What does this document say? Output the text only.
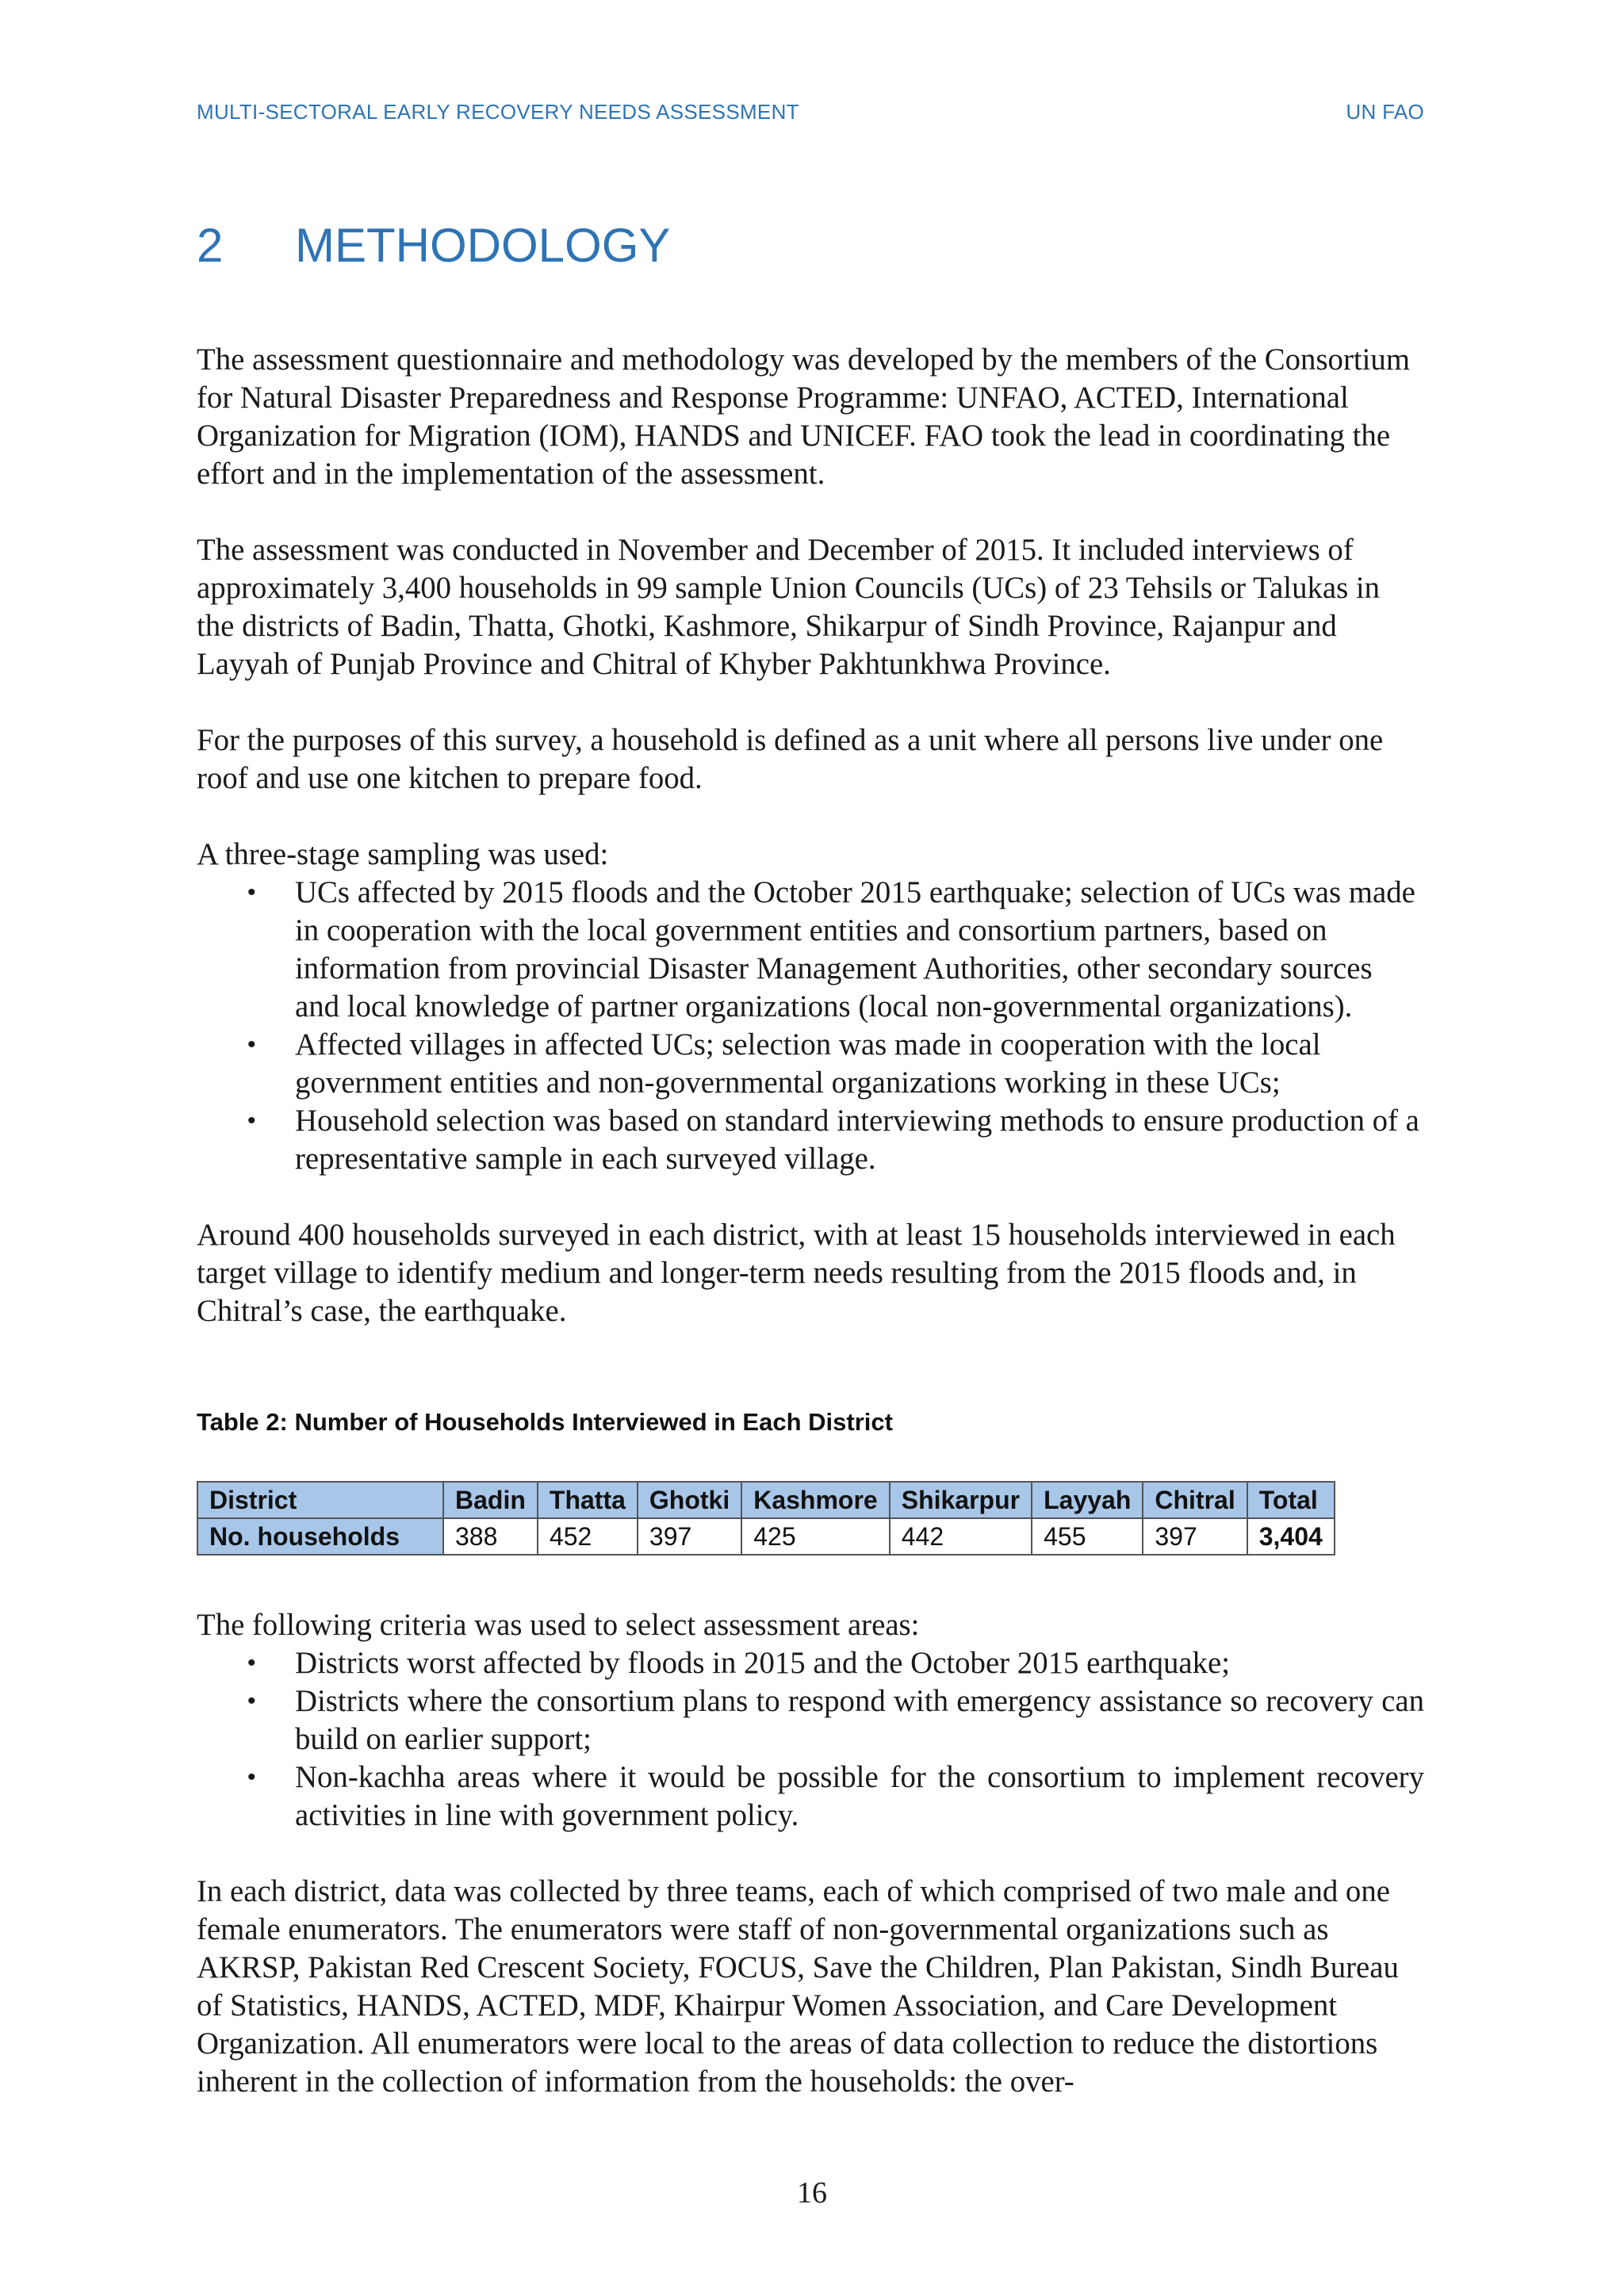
MULTI-SECTORAL EARLY RECOVERY NEEDS ASSESSMENT	UN FAO
2 METHODOLOGY

The assessment questionnaire and methodology was developed by the members of the Consortium for Natural Disaster Preparedness and Response Programme: UNFAO, ACTED, International Organization for Migration (IOM), HANDS and UNICEF. FAO took the lead in coordinating the effort and in the implementation of the assessment.

The assessment was conducted in November and December of 2015. It included interviews of approximately 3,400 households in 99 sample Union Councils (UCs) of 23 Tehsils or Talukas in the districts of Badin, Thatta, Ghotki, Kashmore, Shikarpur of Sindh Province, Rajanpur and Layyah of Punjab Province and Chitral of Khyber Pakhtunkhwa Province.

For the purposes of this survey, a household is defined as a unit where all persons live under one roof and use one kitchen to prepare food.

A three-stage sampling was used:

• UCs affected by 2015 floods and the October 2015 earthquake; selection of UCs was made in cooperation with the local government entities and consortium partners, based on information from provincial Disaster Management Authorities, other secondary sources and local knowledge of partner organizations (local non-governmental organizations).
• Affected villages in affected UCs; selection was made in cooperation with the local government entities and non-governmental organizations working in these UCs;
• Household selection was based on standard interviewing methods to ensure production of a representative sample in each surveyed village.

Around 400 households surveyed in each district, with at least 15 households interviewed in each target village to identify medium and longer-term needs resulting from the 2015 floods and, in Chitral’s case, the earthquake.

Table 2: Number of Households Interviewed in Each District
District	Badin	Thatta	Ghotki	Kashmore	Shikarpur	Layyah	Chitral	Total
No. households	388	452	397	425	442	455	397	3,404

The following criteria was used to select assessment areas:

• Districts worst affected by floods in 2015 and the October 2015 earthquake;
• Districts where the consortium plans to respond with emergency assistance so recovery can build on earlier support;
• Non-kachha areas where it would be possible for the consortium to implement recovery activities in line with government policy.

In each district, data was collected by three teams, each of which comprised of two male and one female enumerators. The enumerators were staff of non-governmental organizations such as AKRSP, Pakistan Red Crescent Society, FOCUS, Save the Children, Plan Pakistan, Sindh Bureau of Statistics, HANDS, ACTED, MDF, Khairpur Women Association, and Care Development Organization. All enumerators were local to the areas of data collection to reduce the distortions inherent in the collection of information from the households: the over-

16
